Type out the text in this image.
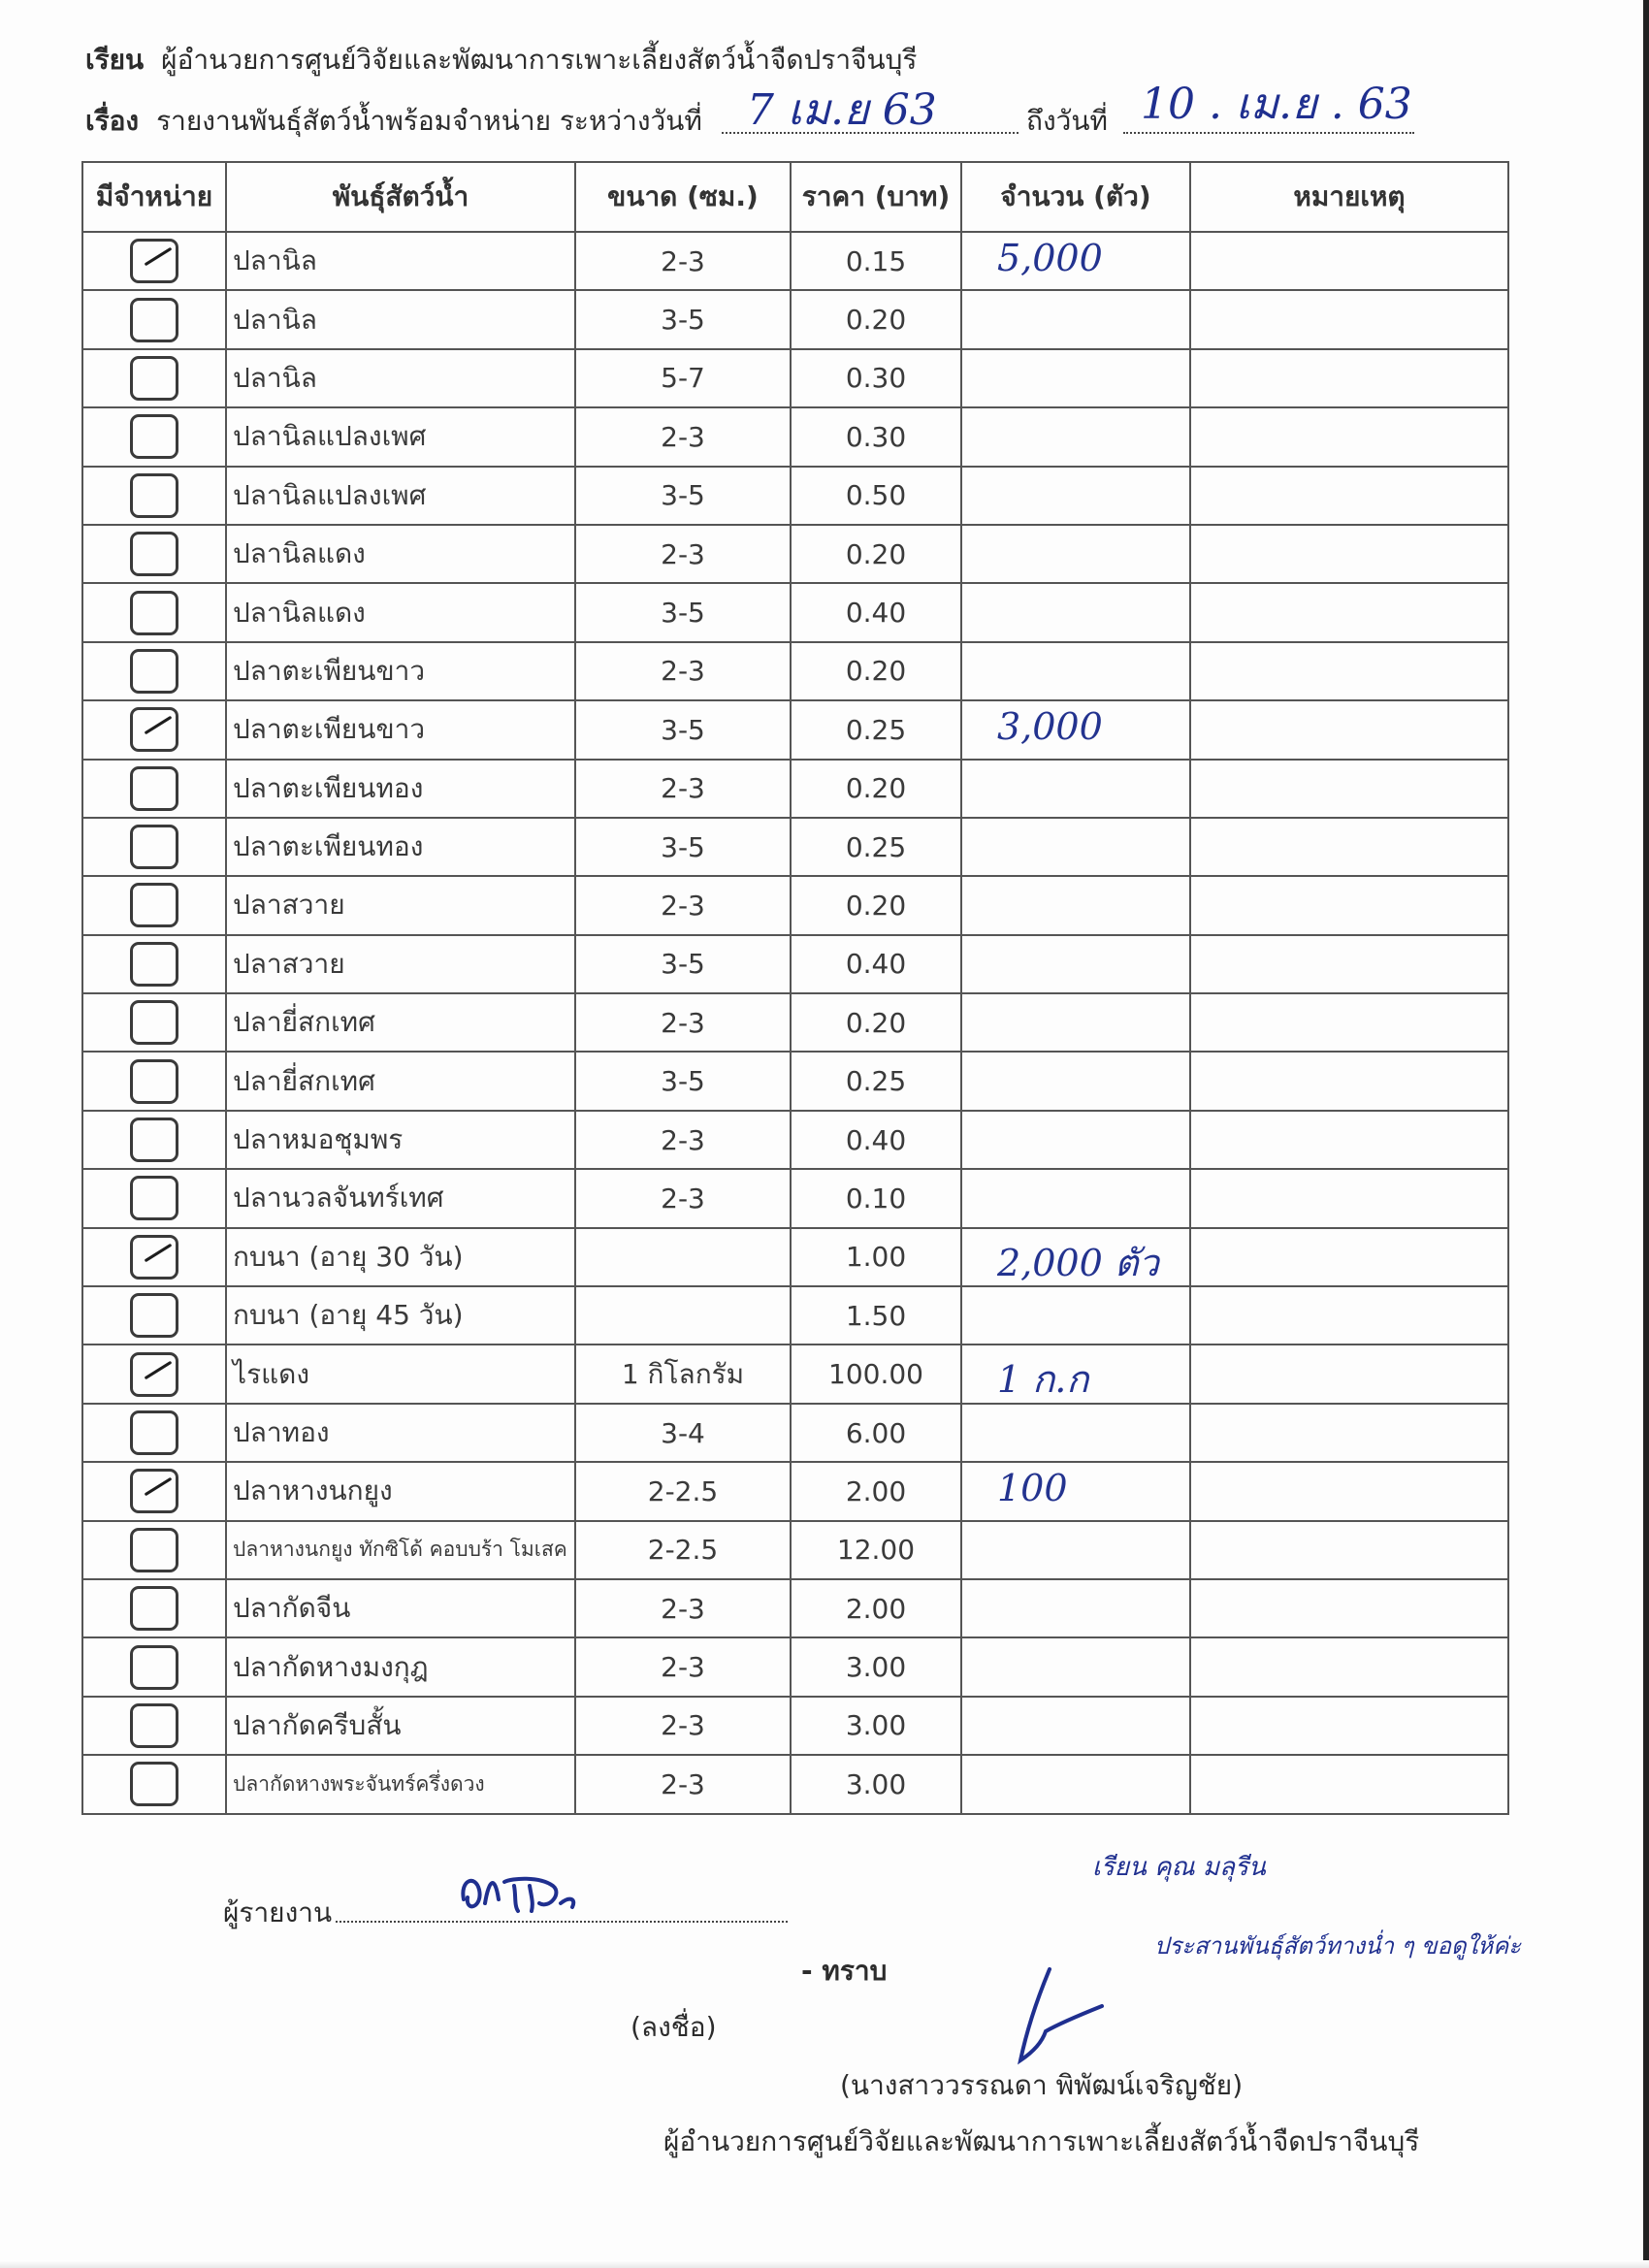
เรียน ผู้อำนวยการศูนย์วิจัยและพัฒนาการเพาะเลี้ยงสัตว์น้ำจืดปราจีนบุรี
เรื่อง รายงานพันธุ์สัตว์น้ำพร้อมจำหน่าย ระหว่างวันที่	ถึงวันที่
7 เม.ย 63	10 . เม.ย . 63
มีจำหน่าย	พันธุ์สัตว์น้ำ	ขนาด (ซม.)	ราคา (บาท)	จำนวน (ตัว)	หมายเหตุ

	ปลานิล	2-3	0.15	5,000	

	ปลานิล	3-5	0.20	

	ปลานิล	5-7	0.30	

	ปลานิลแปลงเพศ	2-3	0.30	

	ปลานิลแปลงเพศ	3-5	0.50	

	ปลานิลแดง	2-3	0.20	

	ปลานิลแดง	3-5	0.40	

	ปลาตะเพียนขาว	2-3	0.20	

	ปลาตะเพียนขาว	3-5	0.25	3,000	

	ปลาตะเพียนทอง	2-3	0.20	

	ปลาตะเพียนทอง	3-5	0.25	

	ปลาสวาย	2-3	0.20	

	ปลาสวาย	3-5	0.40	

	ปลายี่สกเทศ	2-3	0.20	

	ปลายี่สกเทศ	3-5	0.25	

	ปลาหมอชุมพร	2-3	0.40	

	ปลานวลจันทร์เทศ	2-3	0.10	

	กบนา (อายุ 30 วัน)		1.00	2,000 ตัว	

	กบนา (อายุ 45 วัน)		1.50	

	ไรแดง	1 กิโลกรัม	100.00	1 ก.ก	

	ปลาทอง	3-4	6.00	

	ปลาหางนกยูง	2-2.5	2.00	100	

	ปลาหางนกยูง ทักซิโด้ คอบบร้า โมเสค	2-2.5	12.00	

	ปลากัดจีน	2-3	2.00	

	ปลากัดหางมงกุฎ	2-3	3.00	

	ปลากัดครีบสั้น	2-3	3.00	

	ปลากัดหางพระจันทร์ครึ่งดวง	2-3	3.00	

ผู้รายงาน
- ทราบ
(ลงชื่อ)
(นางสาววรรณดา พิพัฒน์เจริญชัย)
ผู้อำนวยการศูนย์วิจัยและพัฒนาการเพาะเลี้ยงสัตว์น้ำจืดปราจีนบุรี
เรียน คุณ มลุรีน
ประสานพันธุ์สัตว์ทางน่ำ ๆ ขอดูให้ค่ะ
